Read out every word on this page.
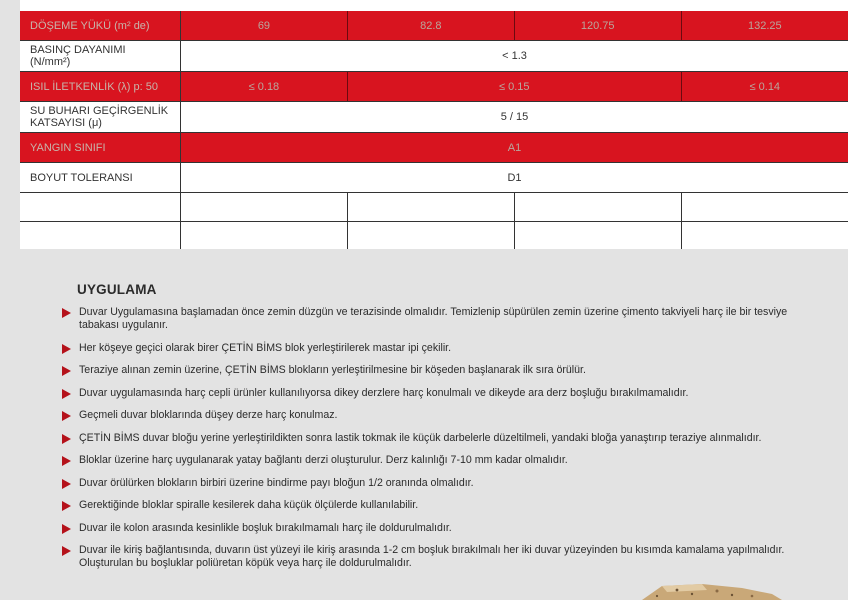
DÖŞEME YÜKÜ (m² de)	69	82.8	120.75	132.25
BASINÇ DAYANIMI
(N/mm²)	< 1.3			
ISIL İLETKENLİK (λ) p: 50	≤ 0.18	≤ 0.15		≤ 0.14
SU BUHARI GEÇİRGENLİK
KATSAYISI (μ)	5 / 15			
YANGIN SINIFI	A1			
BOYUT TOLERANSI	D1			

UYGULAMA
Duvar Uygulamasına başlamadan önce zemin düzgün ve terazisinde olmalıdır. Temizlenip süpürülen zemin üzerine çimento takviyeli harç ile bir tesviye tabakası uygulanır.
Her köşeye geçici olarak birer ÇETİN BİMS blok yerleştirilerek mastar ipi çekilir.
Teraziye alınan zemin üzerine, ÇETİN BİMS blokların yerleştirilmesine bir köşeden başlanarak ilk sıra örülür.
Duvar uygulamasında harç cepli ürünler kullanılıyorsa dikey derzlere harç konulmalı ve dikeyde ara derz boşluğu bırakılmamalıdır.
Geçmeli duvar bloklarında düşey derze harç konulmaz.
ÇETİN BİMS duvar bloğu yerine yerleştirildikten sonra lastik tokmak ile küçük darbelerle düzeltilmeli, yandaki bloğa yanaştırıp teraziye alınmalıdır.
Bloklar üzerine harç uygulanarak yatay bağlantı derzi oluşturulur. Derz kalınlığı 7-10 mm kadar olmalıdır.
Duvar örülürken blokların birbiri üzerine bindirme payı bloğun 1/2 oranında olmalıdır.
Gerektiğinde bloklar spiralle kesilerek daha küçük ölçülerde kullanılabilir.
Duvar ile kolon arasında kesinlikle boşluk bırakılmamalı harç ile doldurulmalıdır.
Duvar ile kiriş bağlantısında, duvarın üst yüzeyi ile kiriş arasında 1-2 cm boşluk bırakılmalı her iki duvar yüzeyinden bu kısımda kamalama yapılmalıdır. Oluşturulan bu boşluklar poliüretan köpük veya harç ile doldurulmalıdır.
